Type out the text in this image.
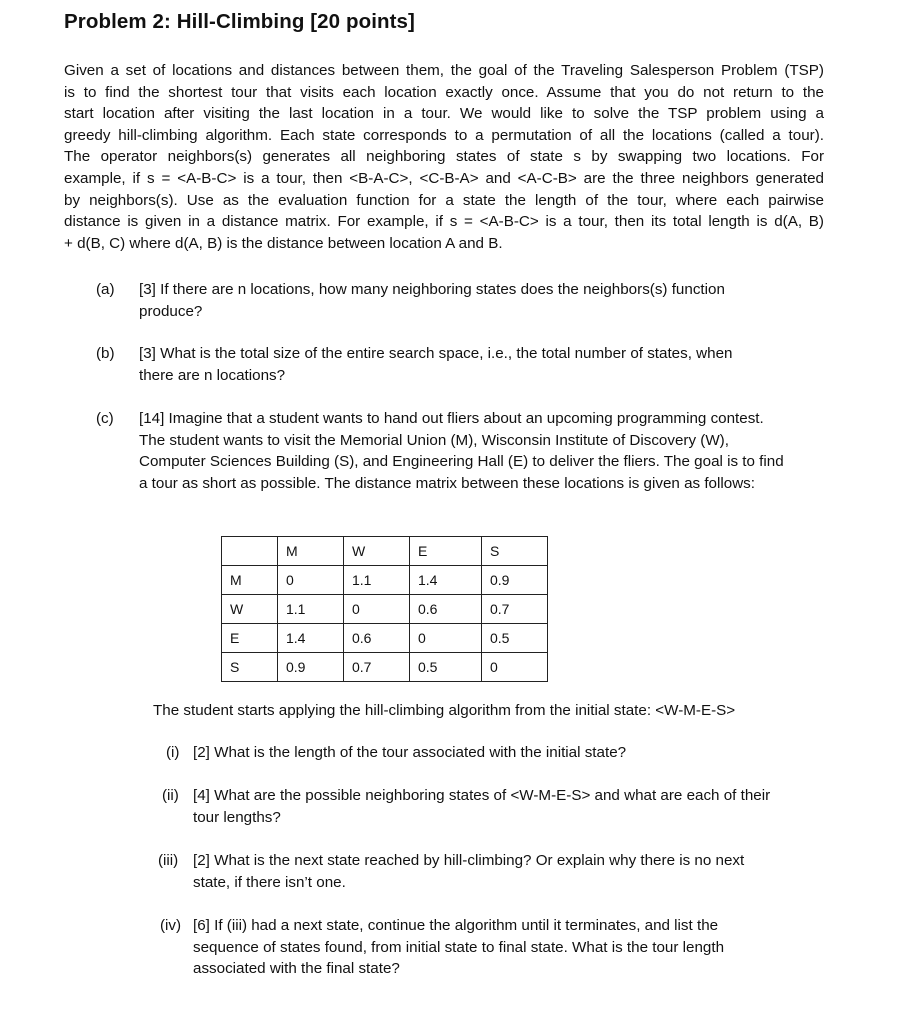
Problem 2: Hill-Climbing [20 points]

Given a set of locations and distances between them, the goal of the Traveling Salesperson Problem (TSP)

is to find the shortest tour that visits each location exactly once. Assume that you do not return to the

start location after visiting the last location in a tour. We would like to solve the TSP problem using a

greedy hill-climbing algorithm. Each state corresponds to a permutation of all the locations (called a tour).

The operator neighbors(s) generates all neighboring states of state s by swapping two locations. For

example, if s = <A-B-C> is a tour, then <B-A-C>, <C-B-A> and <A-C-B> are the three neighbors generated

by neighbors(s). Use as the evaluation function for a state the length of the tour, where each pairwise

distance is given in a distance matrix. For example, if s = <A-B-C> is a tour, then its total length is d(A, B)

+ d(B, C) where d(A, B) is the distance between location A and B.

(a) [3] If there are n locations, how many neighboring states does the neighbors(s) function
produce?
(b) [3] What is the total size of the entire search space, i.e., the total number of states, when
there are n locations?
(c) [14] Imagine that a student wants to hand out fliers about an upcoming programming contest.
The student wants to visit the Memorial Union (M), Wisconsin Institute of Discovery (W),
Computer Sciences Building (S), and Engineering Hall (E) to deliver the fliers. The goal is to find
a tour as short as possible. The distance matrix between these locations is given as follows:
	M	W	E	S
M	0	1.1	1.4	0.9
W	1.1	0	0.6	0.7
E	1.4	0.6	0	0.5
S	0.9	0.7	0.5	0
The student starts applying the hill-climbing algorithm from the initial state: <W-M-E-S>
(i) [2] What is the length of the tour associated with the initial state?
(ii) [4] What are the possible neighboring states of <W-M-E-S> and what are each of their
tour lengths?
(iii) [2] What is the next state reached by hill-climbing? Or explain why there is no next
state, if there isn’t one.
(iv) [6] If (iii) had a next state, continue the algorithm until it terminates, and list the
sequence of states found, from initial state to final state. What is the tour length
associated with the final state?
